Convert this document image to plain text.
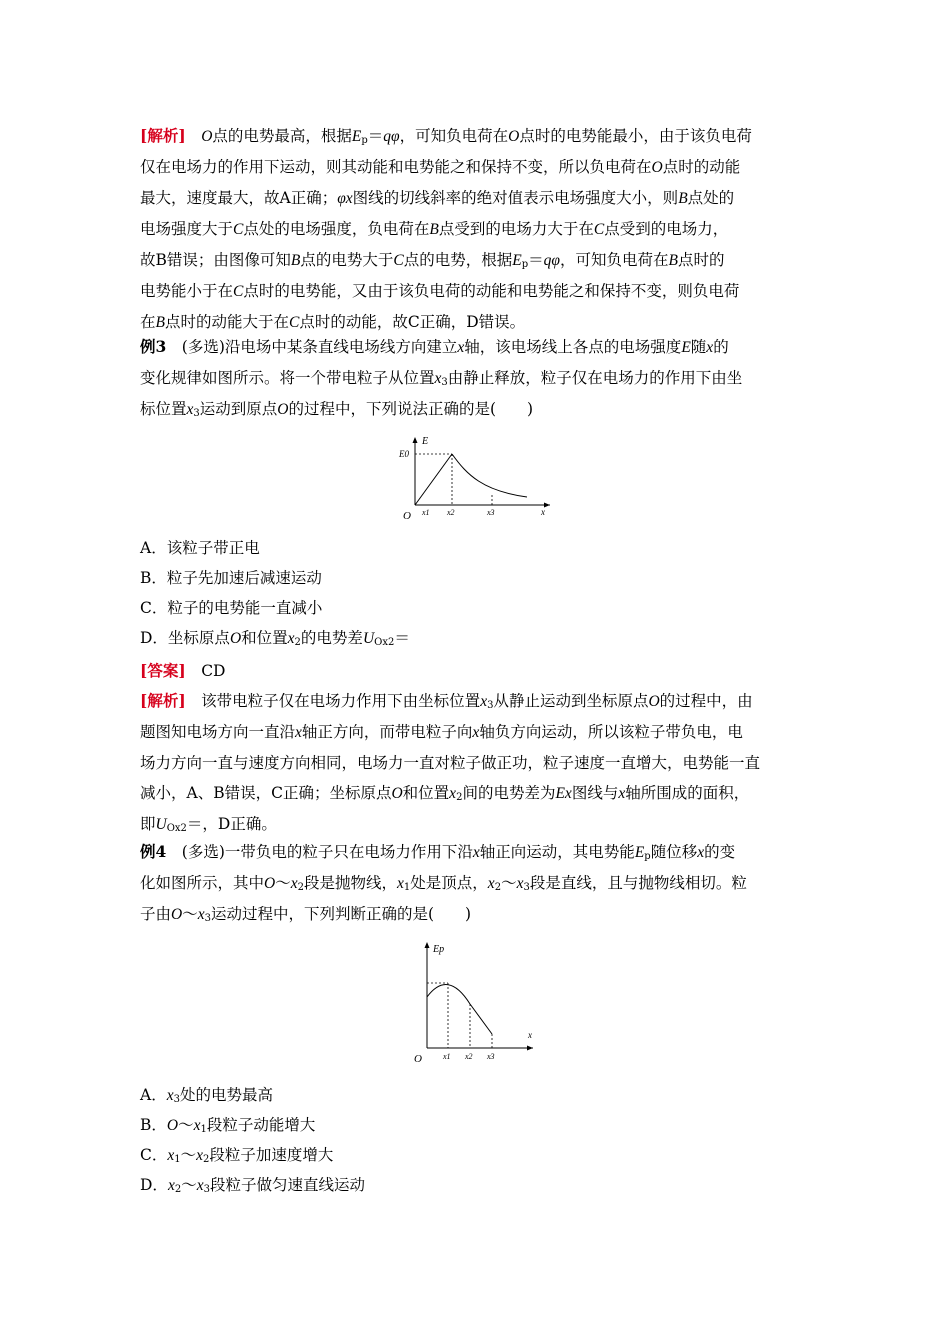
[解析]　 O点的电势最高，根据$E_p=q\varphi$，可知负电荷在O点时的电势能最小，由于该负电荷

仅在电场力的作用下运动，则其动能和电势能之和保持不变，所以负电荷在O点时的动能

最大，速度最大，故A正确；φx图线的切线斜率的绝对值表示电场强度大小，则B点处的

电场强度大于C点处的电场强度，负电荷在B点受到的电场力大于在C点受到的电场力，

故B错误；由图像可知B点的电势大于C点的电势，根据$E_p=q\varphi$，可知负电荷在B点时的

电势能小于在C点时的电势能，又由于该负电荷的动能和电势能之和保持不变，则负电荷

在B点时的动能大于在C点时的动能，故C正确，D错误。

例3　(多选)沿电场中某条直线电场线方向建立x轴，该电场线上各点的电场强度E随x的

变化规律如图所示。将一个带电粒子从位置$x_3$由静止释放，粒子仅在电场力的作用下由坐

标位置$x_3$运动到原点O的过程中，下列说法正确的是(　　)

O
E
E0
x1 x2	x3	x
A．该粒子带正电
B．粒子先加速后减速运动
C．粒子的电势能一直减小
D．坐标原点O和位置$x_2$的电势差$U_{Ox2}=$
[答案]　 CD

[解析]　该带电粒子仅在电场力作用下由坐标位置$x_3$从静止运动到坐标原点O的过程中，由

题图知电场方向一直沿x轴正方向，而带电粒子向x轴负方向运动，所以该粒子带负电，电

场力方向一直与速度方向相同，电场力一直对粒子做正功，粒子速度一直增大，电势能一直

减小，A、B错误，C正确；坐标原点O和位置$x_2$间的电势差为Ex图线与x轴所围成的面积，

即$U_{Ox2}=$，D正确。

例4　(多选)一带负电的粒子只在电场力作用下沿x轴正向运动，其电势能$E_p$随位移x的变

化如图所示，其中$O\sim x_2$段是抛物线，$x_1$处是顶点，$x_2\sim x_3$段是直线，且与抛物线相切。粒

子由$O\sim x_3$运动过程中，下列判断正确的是(　　)

O
Ep
x1 x2 x3
x
A．$x_3$处的电势最高
B．$O\sim x_1$段粒子动能增大
C．$x_1\sim x_2$段粒子加速度增大
D．$x_2\sim x_3$段粒子做匀速直线运动
